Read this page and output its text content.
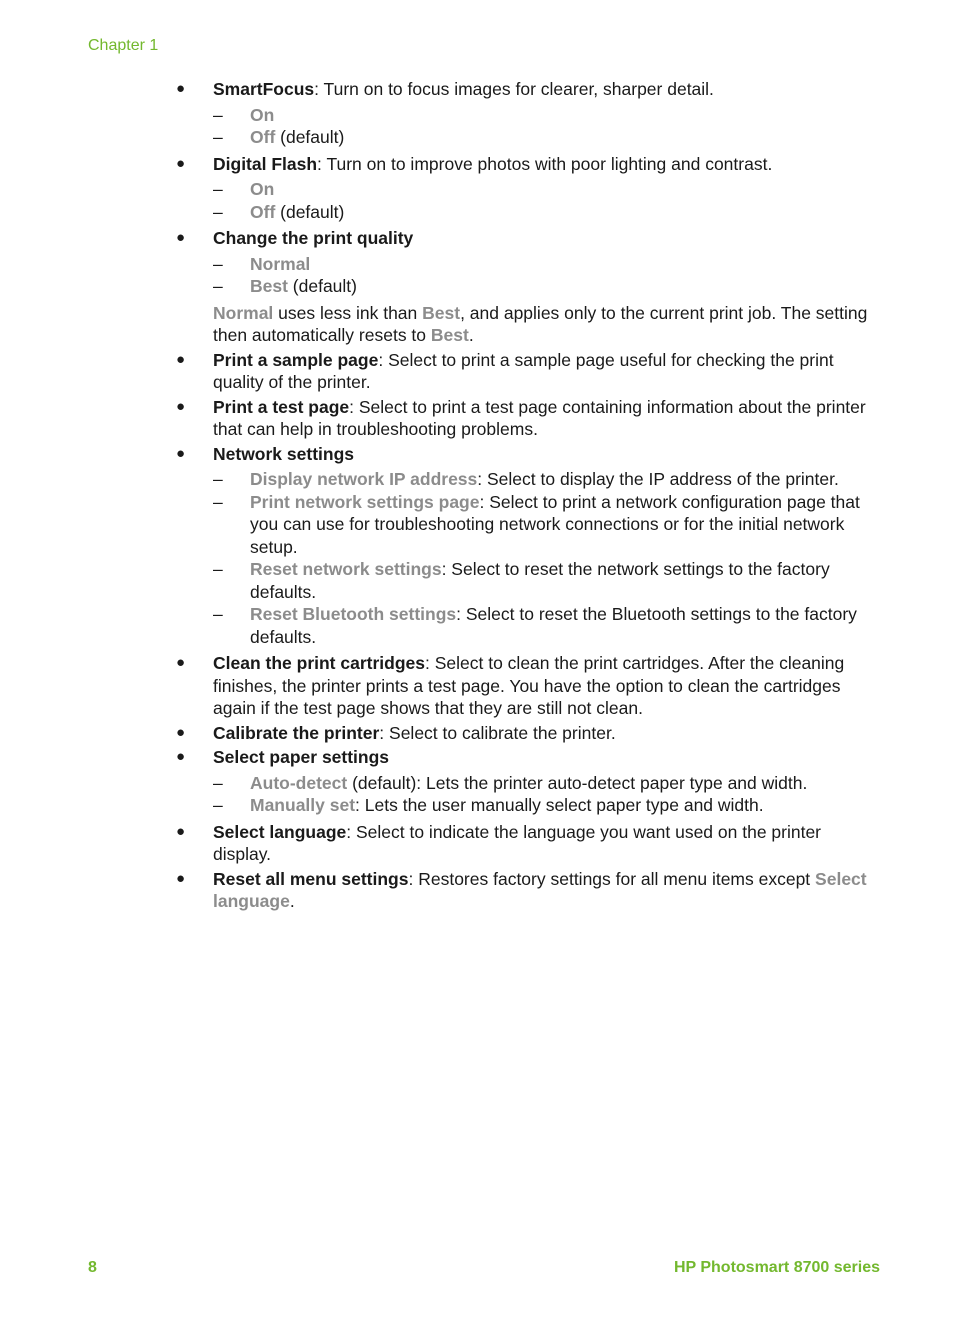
Chapter 1
● SmartFocus: Turn on to focus images for clearer, sharper detail.
– On
– Off (default)
● Digital Flash: Turn on to improve photos with poor lighting and contrast.
– On
– Off (default)
● Change the print quality
– Normal
– Best (default)
Normal uses less ink than Best, and applies only to the current print job. The setting then automatically resets to Best.
● Print a sample page: Select to print a sample page useful for checking the print quality of the printer.
● Print a test page: Select to print a test page containing information about the printer that can help in troubleshooting problems.
● Network settings
– Display network IP address: Select to display the IP address of the printer.
– Print network settings page: Select to print a network configuration page that you can use for troubleshooting network connections or for the initial network setup.
– Reset network settings: Select to reset the network settings to the factory defaults.
– Reset Bluetooth settings: Select to reset the Bluetooth settings to the factory defaults.
● Clean the print cartridges: Select to clean the print cartridges. After the cleaning finishes, the printer prints a test page. You have the option to clean the cartridges again if the test page shows that they are still not clean.
● Calibrate the printer: Select to calibrate the printer.
● Select paper settings
– Auto-detect (default): Lets the printer auto-detect paper type and width.
– Manually set: Lets the user manually select paper type and width.
● Select language: Select to indicate the language you want used on the printer display.
● Reset all menu settings: Restores factory settings for all menu items except Select language.
8	HP Photosmart 8700 series
